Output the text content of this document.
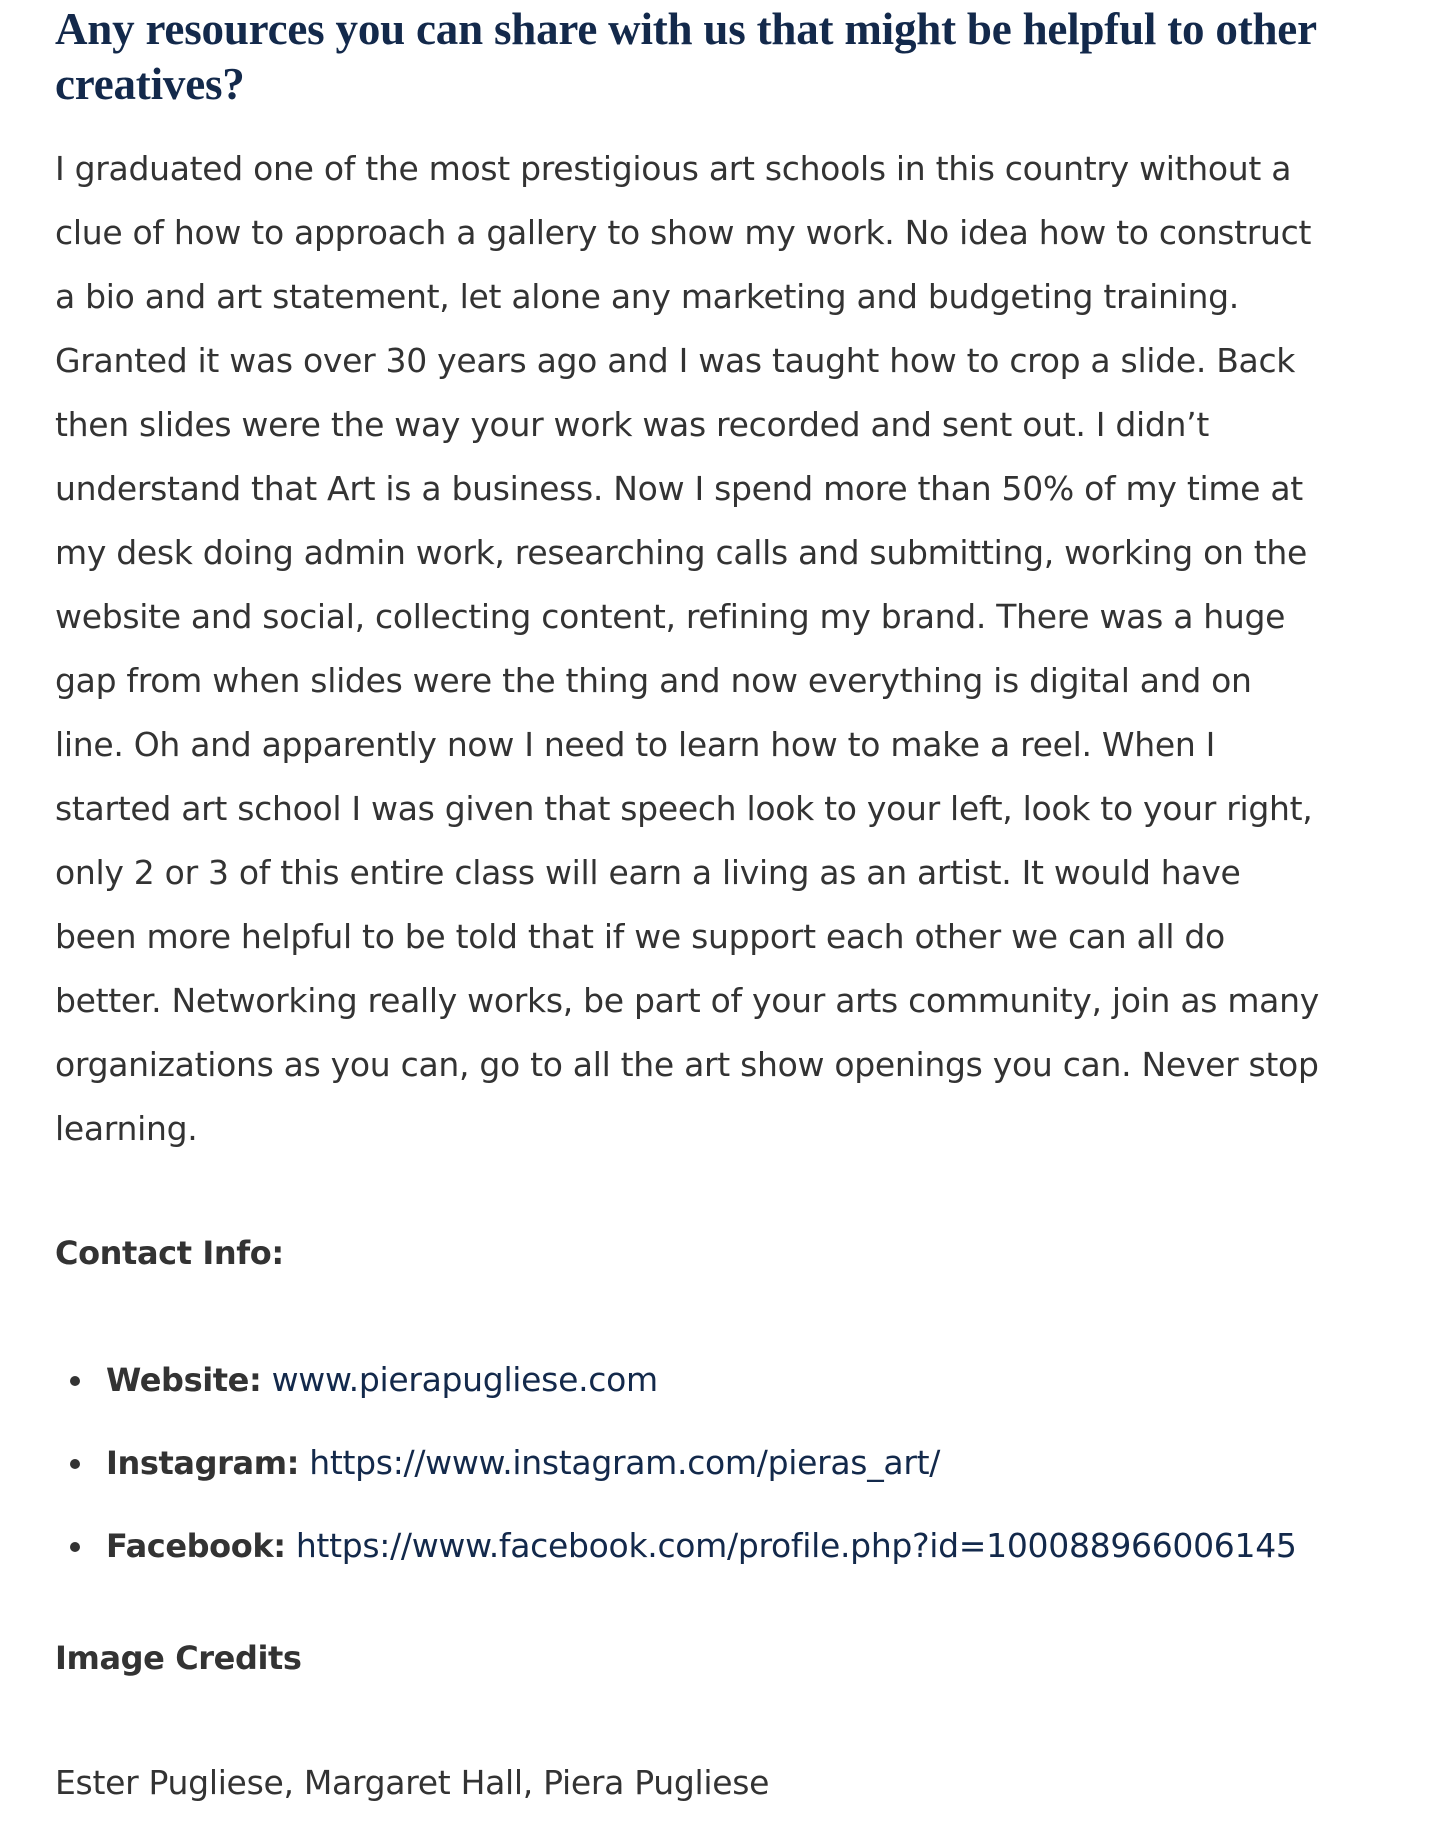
Any resources you can share with us that might be helpful to other creatives?

I graduated one of the most prestigious art schools in this country without a clue of how to approach a gallery to show my work. No idea how to construct a bio and art statement, let alone any marketing and budgeting training. Granted it was over 30 years ago and I was taught how to crop a slide. Back then slides were the way your work was recorded and sent out. I didn’t understand that Art is a business. Now I spend more than 50% of my time at my desk doing admin work, researching calls and submitting, working on the website and social, collecting content, refining my brand. There was a huge gap from when slides were the thing and now everything is digital and on line. Oh and apparently now I need to learn how to make a reel. When I started art school I was given that speech look to your left, look to your right, only 2 or 3 of this entire class will earn a living as an artist. It would have been more helpful to be told that if we support each other we can all do better. Networking really works, be part of your arts community, join as many organizations as you can, go to all the art show openings you can. Never stop learning.

Contact Info:
Website: www.pierapugliese.com
Instagram: https://www.instagram.com/pieras_art/
Facebook: https://www.facebook.com/profile.php?id=100088966006145
Image Credits

Ester Pugliese, Margaret Hall, Piera Pugliese
